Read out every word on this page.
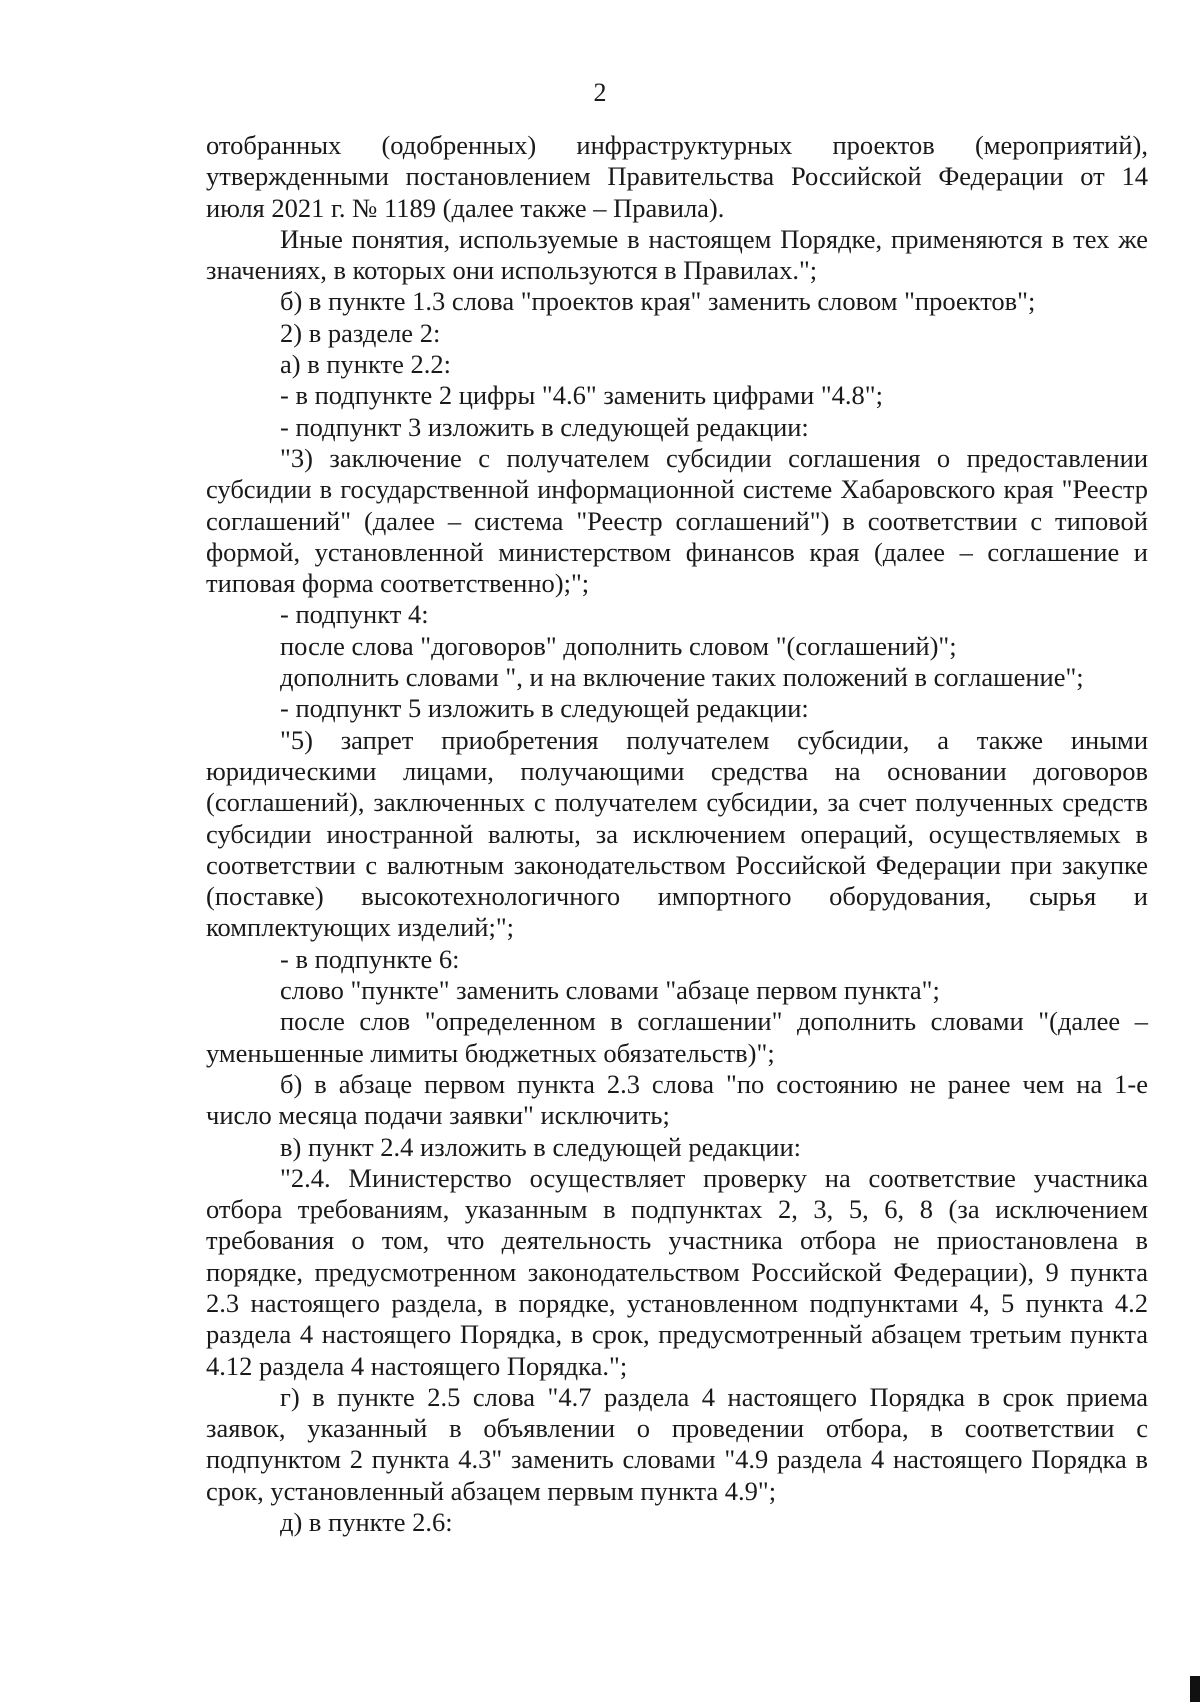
2

отобранных (одобренных) инфраструктурных проектов (мероприятий), утвержденными постановлением Правительства Российской Федерации от 14 июля 2021 г. № 1189 (далее также – Правила).

Иные понятия, используемые в настоящем Порядке, применяются в тех же значениях, в которых они используются в Правилах.";

б) в пункте 1.3 слова "проектов края" заменить словом "проектов";

2) в разделе 2:

а) в пункте 2.2:

- в подпункте 2 цифры "4.6" заменить цифрами "4.8";

- подпункт 3 изложить в следующей редакции:

"3) заключение с получателем субсидии соглашения о предоставлении субсидии в государственной информационной системе Хабаровского края "Реестр соглашений" (далее – система "Реестр соглашений") в соответствии с типовой формой, установленной министерством финансов края (далее – соглашение и типовая форма соответственно);";

- подпункт 4:

после слова "договоров" дополнить словом "(соглашений)";

дополнить словами ", и на включение таких положений в соглашение";

- подпункт 5 изложить в следующей редакции:

"5) запрет приобретения получателем субсидии, а также иными юридическими лицами, получающими средства на основании договоров (соглашений), заключенных с получателем субсидии, за счет полученных средств субсидии иностранной валюты, за исключением операций, осуществляемых в соответствии с валютным законодательством Российской Федерации при закупке (поставке) высокотехнологичного импортного оборудования, сырья и комплектующих изделий;";

- в подпункте 6:

слово "пункте" заменить словами "абзаце первом пункта";

после слов "определенном в соглашении" дополнить словами "(далее – уменьшенные лимиты бюджетных обязательств)";

б) в абзаце первом пункта 2.3 слова "по состоянию не ранее чем на 1-е число месяца подачи заявки" исключить;

в) пункт 2.4 изложить в следующей редакции:

"2.4. Министерство осуществляет проверку на соответствие участника отбора требованиям, указанным в подпунктах 2, 3, 5, 6, 8 (за исключением требования о том, что деятельность участника отбора не приостановлена в порядке, предусмотренном законодательством Российской Федерации), 9 пункта 2.3 настоящего раздела, в порядке, установленном подпунктами 4, 5 пункта 4.2 раздела 4 настоящего Порядка, в срок, предусмотренный абзацем третьим пункта 4.12 раздела 4 настоящего Порядка.";

г) в пункте 2.5 слова "4.7 раздела 4 настоящего Порядка в срок приема заявок, указанный в объявлении о проведении отбора, в соответствии с подпунктом 2 пункта 4.3" заменить словами "4.9 раздела 4 настоящего Порядка в срок, установленный абзацем первым пункта 4.9";

д) в пункте 2.6:
